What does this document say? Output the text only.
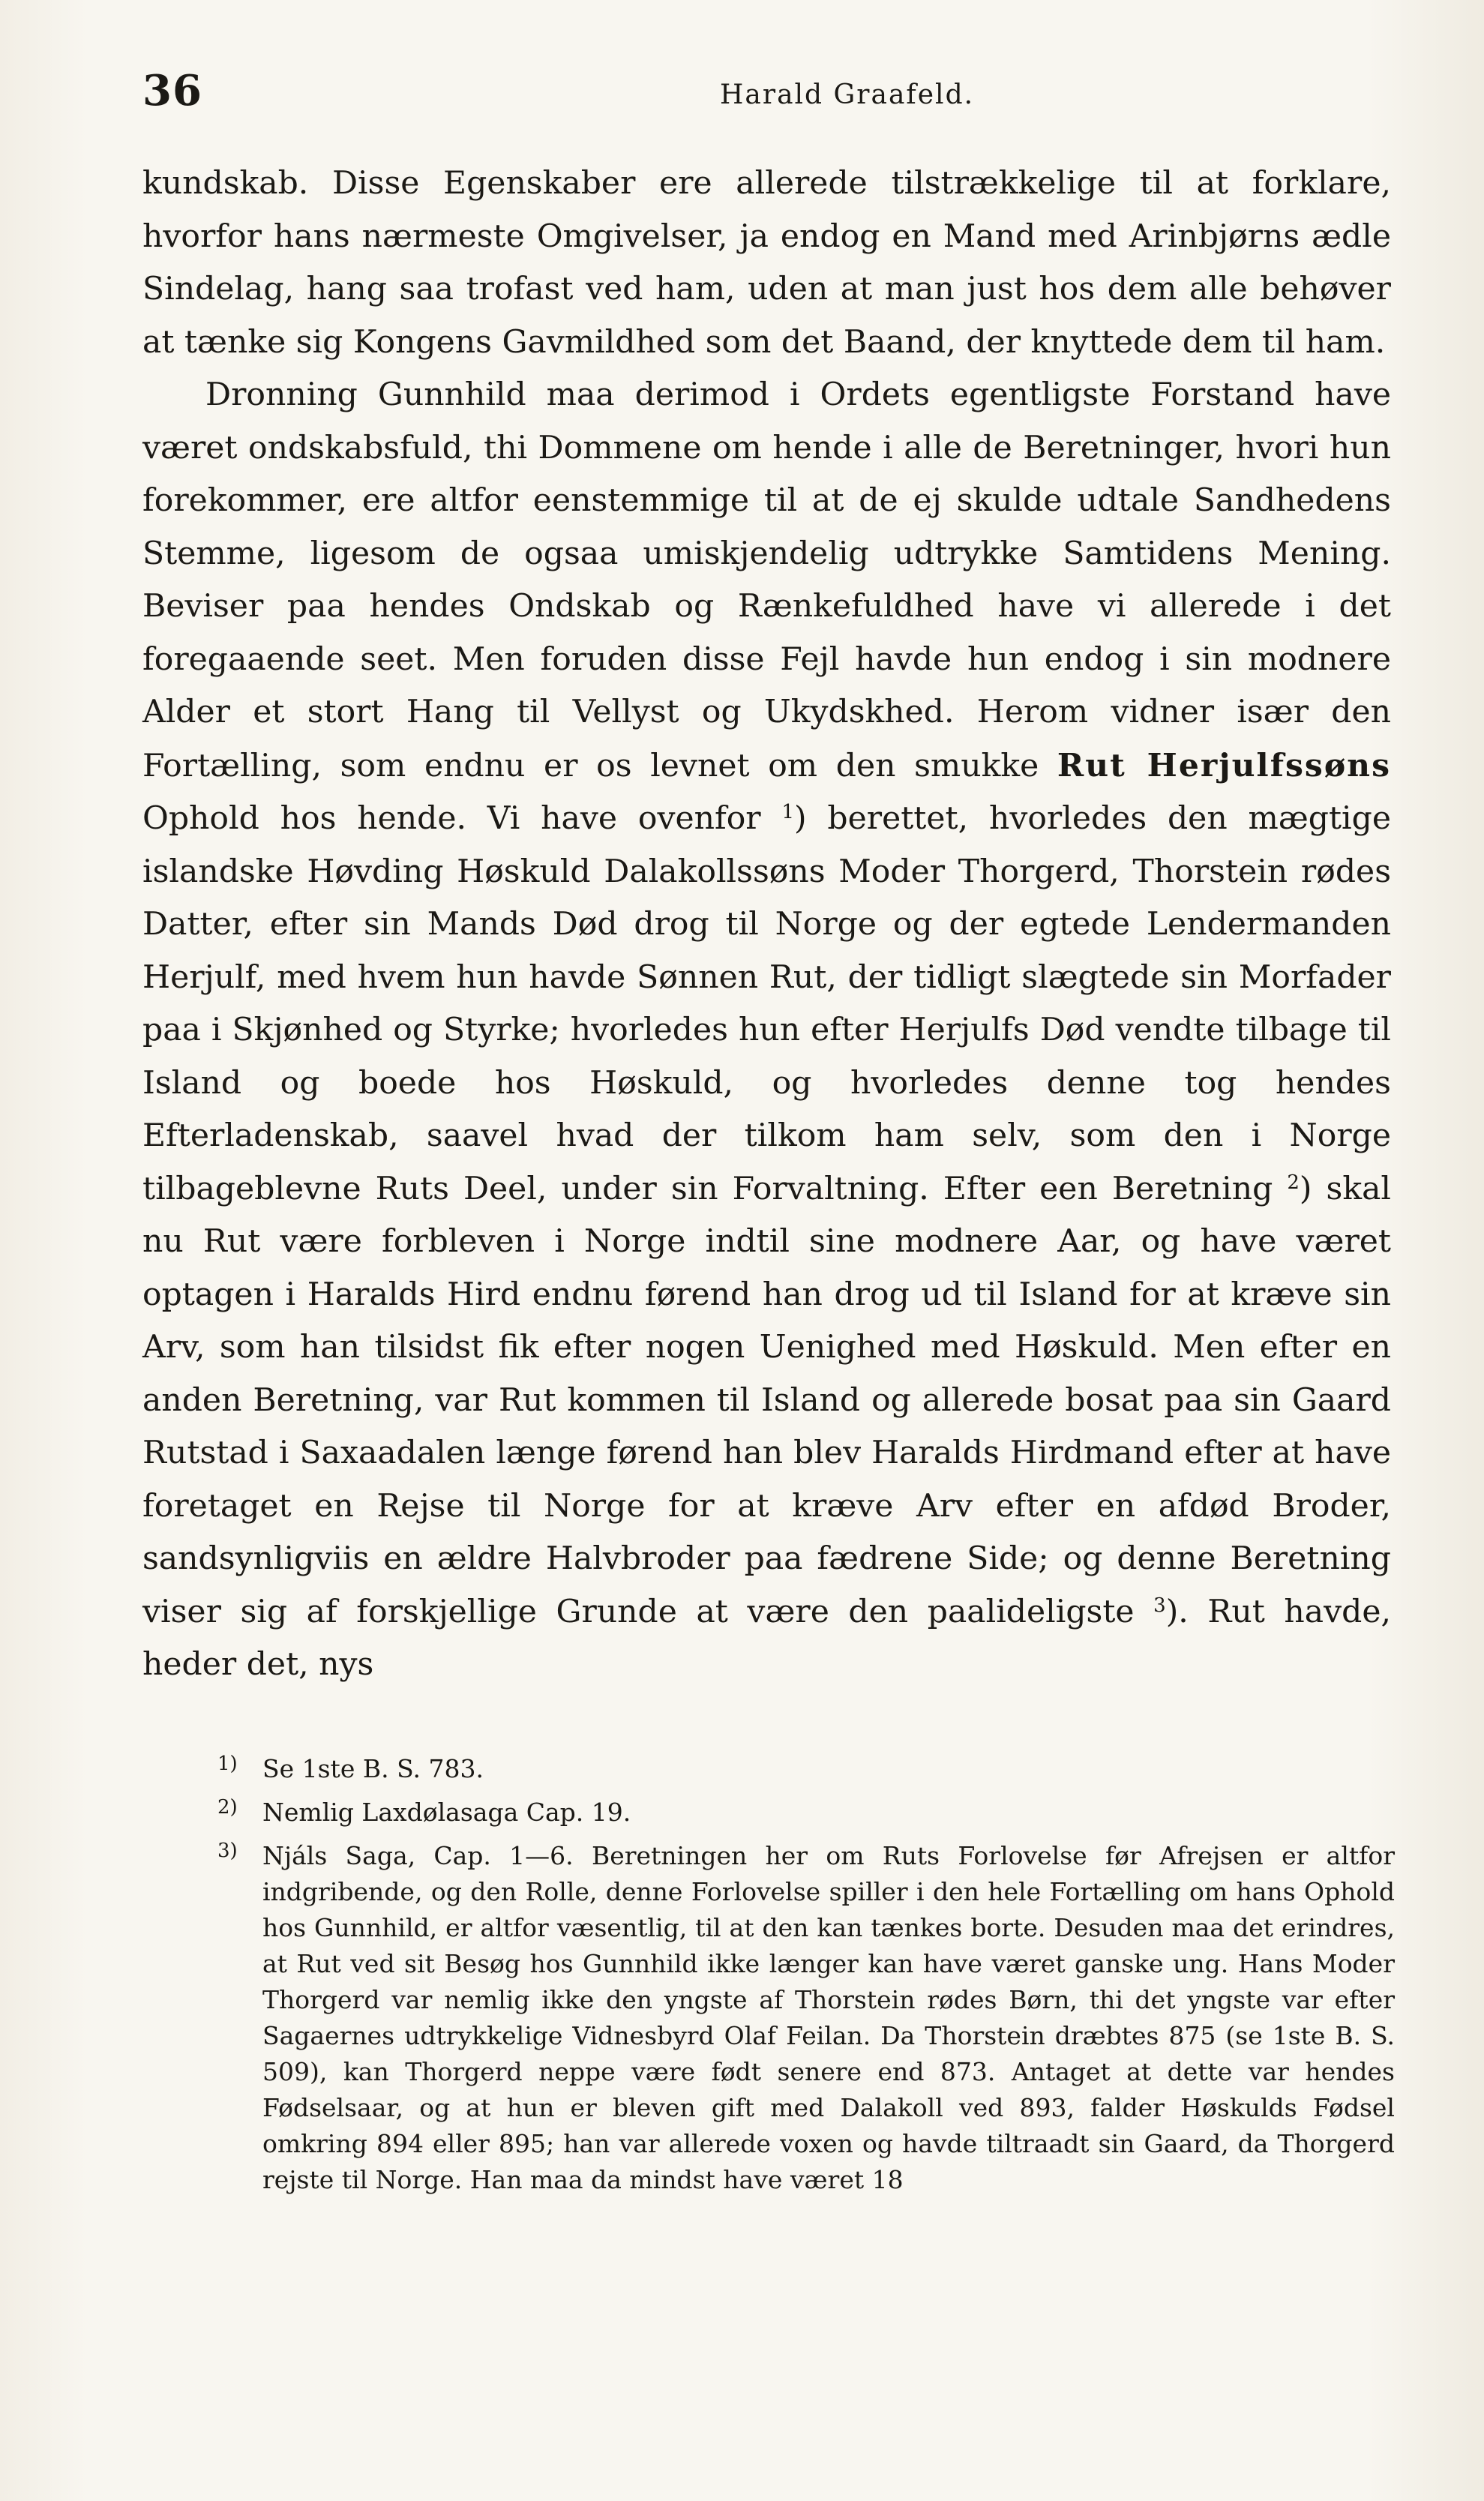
36	Harald Graafeld.

kundskab. Disse Egenskaber ere allerede tilstrækkelige til at forklare, hvorfor hans nærmeste Omgivelser, ja endog en Mand med Arinbjørns ædle Sindelag, hang saa trofast ved ham, uden at man just hos dem alle behøver at tænke sig Kongens Gavmildhed som det Baand, der knyttede dem til ham.

Dronning Gunnhild maa derimod i Ordets egentligste Forstand have været ondskabsfuld, thi Dommene om hende i alle de Beretninger, hvori hun forekommer, ere altfor eenstemmige til at de ej skulde udtale Sandhedens Stemme, ligesom de ogsaa umiskjendelig udtrykke Samtidens Mening. Beviser paa hendes Ondskab og Rænkefuldhed have vi allerede i det foregaaende seet. Men foruden disse Fejl havde hun endog i sin modnere Alder et stort Hang til Vellyst og Ukydskhed. Herom vidner især den Fortælling, som endnu er os levnet om den smukke Rut Herjulfssøns Ophold hos hende. Vi have ovenfor $^1$) berettet, hvorledes den mægtige islandske Høvding Høskuld Dalakollssøns Moder Thorgerd, Thorstein rødes Datter, efter sin Mands Død drog til Norge og der egtede Lendermanden Herjulf, med hvem hun havde Sønnen Rut, der tidligt slægtede sin Morfader paa i Skjønhed og Styrke; hvorledes hun efter Herjulfs Død vendte tilbage til Island og boede hos Høskuld, og hvorledes denne tog hendes Efterladenskab, saavel hvad der tilkom ham selv, som den i Norge tilbageblevne Ruts Deel, under sin Forvaltning. Efter een Beretning $^2$) skal nu Rut være forbleven i Norge indtil sine modnere Aar, og have været optagen i Haralds Hird endnu førend han drog ud til Island for at kræve sin Arv, som han tilsidst fik efter nogen Uenighed med Høskuld. Men efter en anden Beretning, var Rut kommen til Island og allerede bosat paa sin Gaard Rutstad i Saxaadalen længe førend han blev Haralds Hirdmand efter at have foretaget en Rejse til Norge for at kræve Arv efter en afdød Broder, sandsynligviis en ældre Halvbroder paa fædrene Side; og denne Beretning viser sig af forskjellige Grunde at være den paalideligste $^3$). Rut havde, heder det, nys

1) Se 1ste B. S. 783.
2) Nemlig Laxdølasaga Cap. 19.
3) Njáls Saga, Cap. 1—6. Beretningen her om Ruts Forlovelse før Afrejsen er altfor indgribende, og den Rolle, denne Forlovelse spiller i den hele Fortælling om hans Ophold hos Gunnhild, er altfor væsentlig, til at den kan tænkes borte. Desuden maa det erindres, at Rut ved sit Besøg hos Gunnhild ikke længer kan have været ganske ung. Hans Moder Thorgerd var nemlig ikke den yngste af Thorstein rødes Børn, thi det yngste var efter Sagaernes udtrykkelige Vidnesbyrd Olaf Feilan. Da Thorstein dræbtes 875 (se 1ste B. S. 509), kan Thorgerd neppe være født senere end 873. Antaget at dette var hendes Fødselsaar, og at hun er bleven gift med Dalakoll ved 893, falder Høskulds Fødsel omkring 894 eller 895; han var allerede voxen og havde tiltraadt sin Gaard, da Thorgerd rejste til Norge. Han maa da mindst have været 18
